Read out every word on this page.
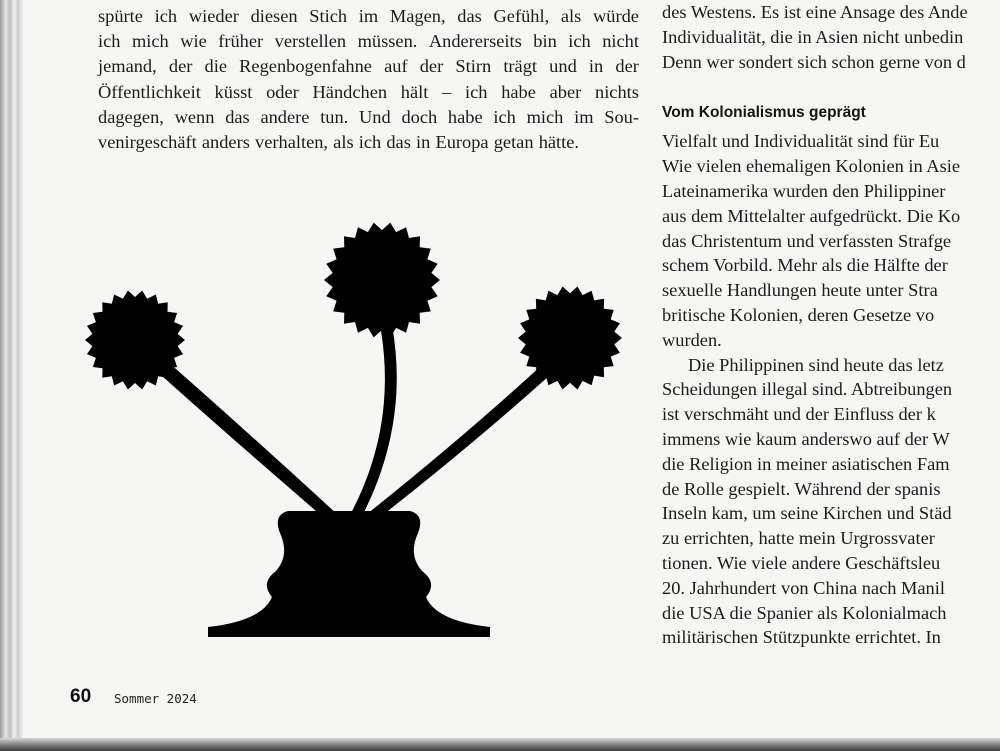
spürte ich wieder diesen Stich im Magen, das Gefühl, als würde
ich mich wie früher verstellen müssen. Andererseits bin ich nicht
jemand, der die Regenbogenfahne auf der Stirn trägt und in der
Öffentlichkeit küsst oder Händchen hält – ich habe aber nichts
dagegen, wenn das andere tun. Und doch habe ich mich im Sou-
venirgeschäft anders verhalten, als ich das in Europa getan hätte.
des Westens. Es ist eine Ansage des Ande
Individualität, die in Asien nicht unbedin
Denn wer sondert sich schon gerne von d
Vielfalt und Individualität sind für Eu
Wie vielen ehemaligen Kolonien in Asie
Lateinamerika wurden den Philippiner
aus dem Mittelalter aufgedrückt. Die Ko
das Christentum und verfassten Strafge
schem Vorbild. Mehr als die Hälfte der
sexuelle Handlungen heute unter Stra
britische Kolonien, deren Gesetze vo
wurden.
Die Philippinen sind heute das letz
Scheidungen illegal sind. Abtreibungen
ist verschmäht und der Einfluss der k
immens wie kaum anderswo auf der W
die Religion in meiner asiatischen Fam
de Rolle gespielt. Während der spanis
Inseln kam, um seine Kirchen und Städ
zu errichten, hatte mein Urgrossvater
tionen. Wie viele andere Geschäftsleu
20. Jahrhundert von China nach Manil
die USA die Spanier als Kolonialmach
militärischen Stützpunkte errichtet. In
Vom Kolonialismus geprägt
60 Sommer 2024
